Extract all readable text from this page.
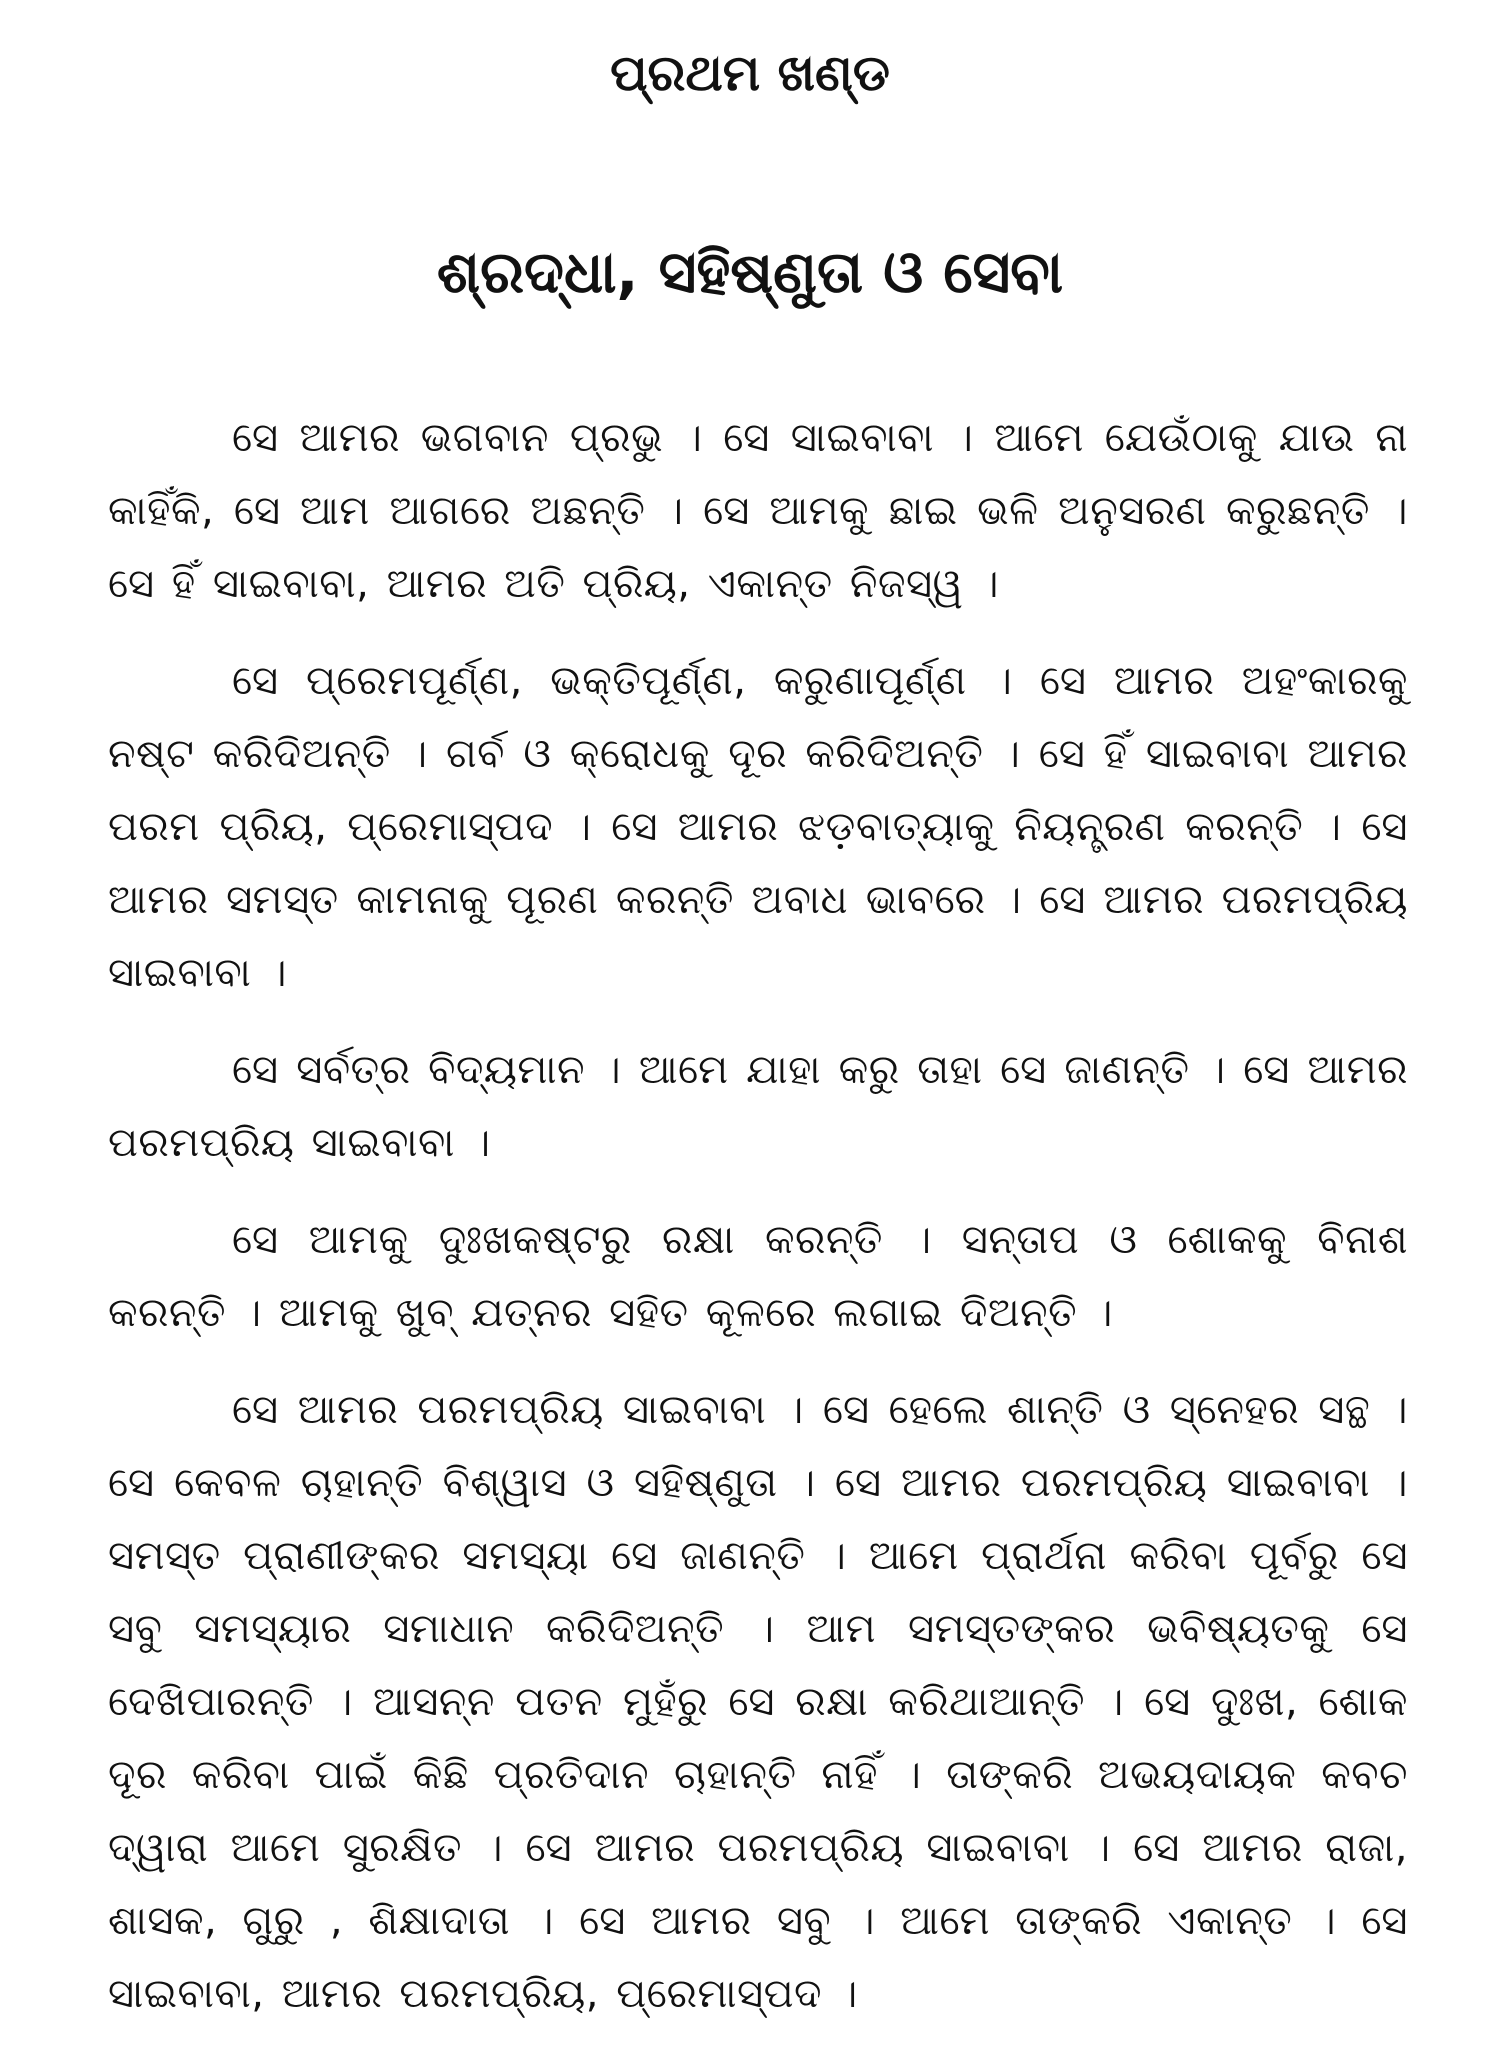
ପ୍ରଥମ ଖଣ୍ଡ
ଶ୍ରଦ୍ଧା, ସହିଷ୍ଣୁତା ଓ ସେବା

ସେ ଆମର ଭଗବାନ ପ୍ରଭୁ । ସେ ସାଇବାବା । ଆମେ ଯେଉଁଠାକୁ ଯାଉ ନା କାହିଁକି, ସେ ଆମ ଆଗରେ ଅଛନ୍ତି । ସେ ଆମକୁ ଛାଇ ଭଳି ଅନୁସରଣ କରୁଛନ୍ତି । ସେ ହିଁ ସାଇବାବା, ଆମର ଅତି ପ୍ରିୟ, ଏକାନ୍ତ ନିଜସ୍ୱ ।

ସେ ପ୍ରେମପୂର୍ଣ୍ଣ, ଭକ୍ତିପୂର୍ଣ୍ଣ, କରୁଣାପୂର୍ଣ୍ଣ । ସେ ଆମର ଅହଂକାରକୁ ନଷ୍ଟ କରିଦିଅନ୍ତି । ଗର୍ବ ଓ କ୍ରୋଧକୁ ଦୂର କରିଦିଅନ୍ତି । ସେ ହିଁ ସାଇବାବା ଆମର ପରମ ପ୍ରିୟ, ପ୍ରେମାସ୍ପଦ । ସେ ଆମର ଝଡ଼ବାତ୍ୟାକୁ ନିୟନ୍ତ୍ରଣ କରନ୍ତି । ସେ ଆମର ସମସ୍ତ କାମନାକୁ ପୂରଣ କରନ୍ତି ଅବାଧ ଭାବରେ । ସେ ଆମର ପରମପ୍ରିୟ ସାଇବାବା ।

ସେ ସର୍ବତ୍ର ବିଦ୍ୟମାନ । ଆମେ ଯାହା କରୁ ତାହା ସେ ଜାଣନ୍ତି । ସେ ଆମର ପରମପ୍ରିୟ ସାଇବାବା ।

ସେ ଆମକୁ ଦୁଃଖକଷ୍ଟରୁ ରକ୍ଷା କରନ୍ତି । ସନ୍ତାପ ଓ ଶୋକକୁ ବିନାଶ କରନ୍ତି । ଆମକୁ ଖୁବ୍ ଯତ୍ନର ସହିତ କୂଳରେ ଲଗାଇ ଦିଅନ୍ତି ।

ସେ ଆମର ପରମପ୍ରିୟ ସାଇବାବା । ସେ ହେଲେ ଶାନ୍ତି ଓ ସ୍ନେହର ସନ୍ଥ । ସେ କେବଳ ଚାହାନ୍ତି ବିଶ୍ୱାସ ଓ ସହିଷ୍ଣୁତା । ସେ ଆମର ପରମପ୍ରିୟ ସାଇବାବା । ସମସ୍ତ ପ୍ରାଣୀଙ୍କର ସମସ୍ୟା ସେ ଜାଣନ୍ତି । ଆମେ ପ୍ରାର୍ଥନା କରିବା ପୂର୍ବରୁ ସେ ସବୁ ସମସ୍ୟାର ସମାଧାନ କରିଦିଅନ୍ତି । ଆମ ସମସ୍ତଙ୍କର ଭବିଷ୍ୟତକୁ ସେ ଦେଖିପାରନ୍ତି । ଆସନ୍ନ ପତନ ମୁହଁରୁ ସେ ରକ୍ଷା କରିଥାଆନ୍ତି । ସେ ଦୁଃଖ, ଶୋକ ଦୂର କରିବା ପାଇଁ କିଛି ପ୍ରତିଦାନ ଚାହାନ୍ତି ନାହିଁ । ତାଙ୍କରି ଅଭୟଦାୟକ କବଚ ଦ୍ୱାରା ଆମେ ସୁରକ୍ଷିତ । ସେ ଆମର ପରମପ୍ରିୟ ସାଇବାବା । ସେ ଆମର ରାଜା, ଶାସକ, ଗୁରୁ , ଶିକ୍ଷାଦାତା । ସେ ଆମର ସବୁ । ଆମେ ତାଙ୍କରି ଏକାନ୍ତ । ସେ ସାଇବାବା, ଆମର ପରମପ୍ରିୟ, ପ୍ରେମାସ୍ପଦ ।
